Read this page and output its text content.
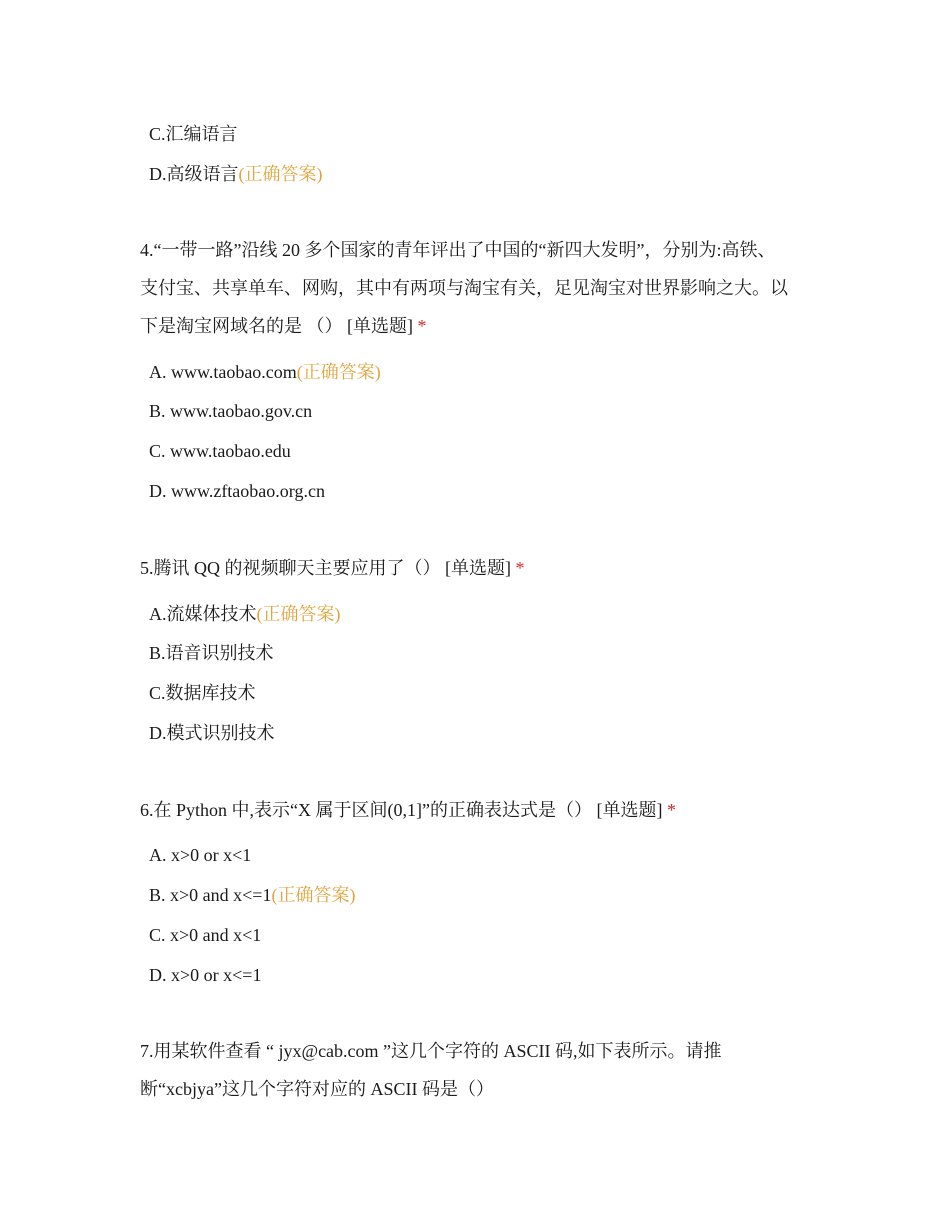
C.汇编语言
D.高级语言(正确答案)
4.“一带一路”沿线 20 多个国家的青年评出了中国的“新四大发明”，分别为:高铁、
支付宝、共享单车、网购，其中有两项与淘宝有关，足见淘宝对世界影响之大。以
下是淘宝网域名的是 （） [单选题] *
A. www.taobao.com(正确答案)
B. www.taobao.gov.cn
C. www.taobao.edu
D. www.zftaobao.org.cn
5.腾讯 QQ 的视频聊天主要应用了（） [单选题] *
A.流媒体技术(正确答案)
B.语音识别技术
C.数据库技术
D.模式识别技术
6.在 Python 中,表示“X 属于区间(0,1]”的正确表达式是（） [单选题] *
A. x>0 or x<1
B. x>0 and x<=1(正确答案)
C. x>0 and x<1
D. x>0 or x<=1
7.用某软件查看 “ jyx@cab.com ”这几个字符的 ASCII 码,如下表所示。请推
断“xcbjya”这几个字符对应的 ASCII 码是（）
